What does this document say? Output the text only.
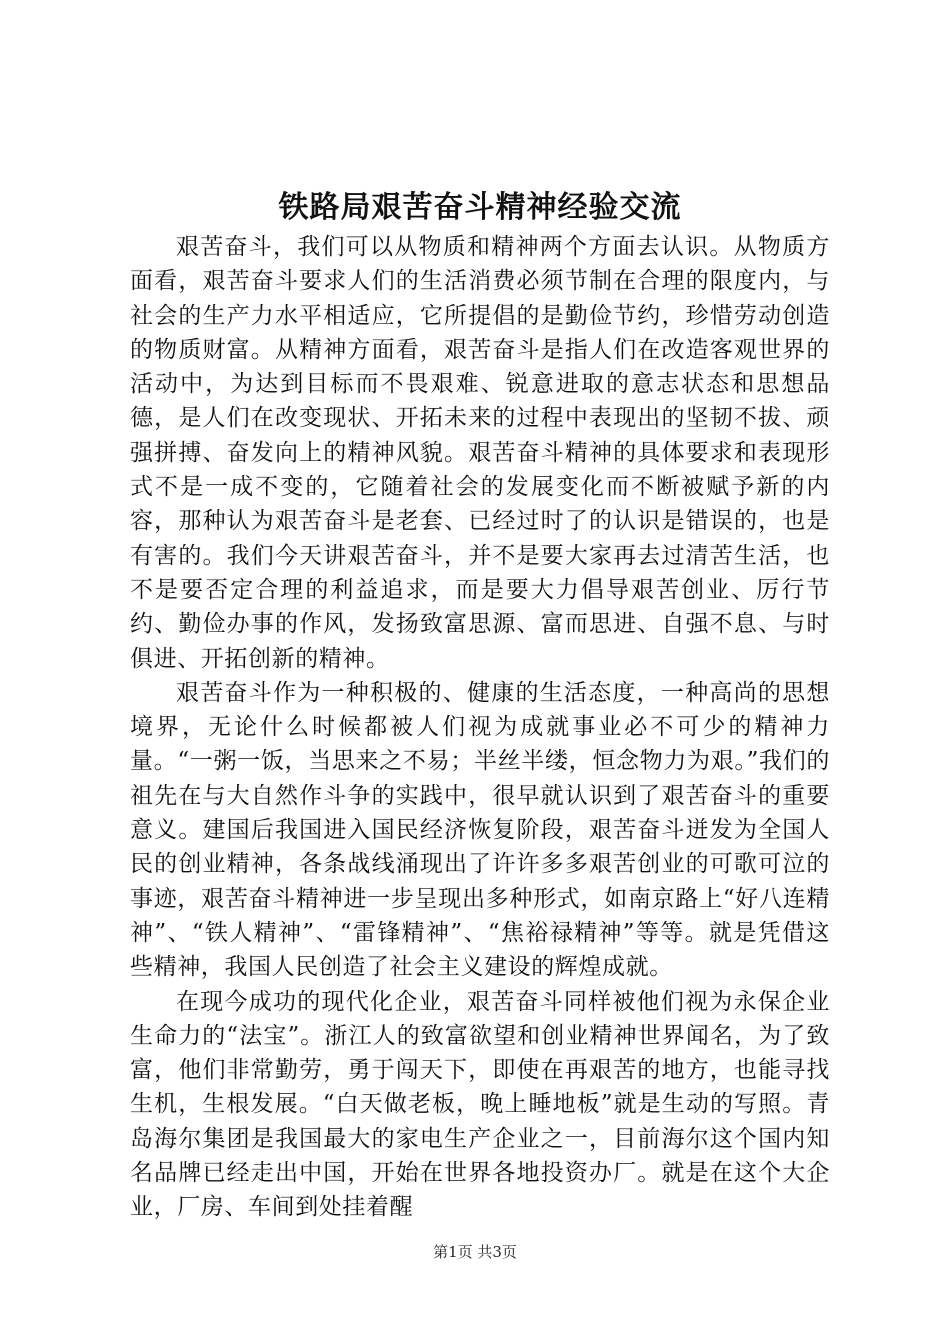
铁路局艰苦奋斗精神经验交流

艰苦奋斗，我们可以从物质和精神两个方面去认识。从物质方面看，艰苦奋斗要求人们的生活消费必须节制在合理的限度内，与社会的生产力水平相适应，它所提倡的是勤俭节约，珍惜劳动创造的物质财富。从精神方面看，艰苦奋斗是指人们在改造客观世界的活动中，为达到目标而不畏艰难、锐意进取的意志状态和思想品德，是人们在改变现状、开拓未来的过程中表现出的坚韧不拔、顽强拼搏、奋发向上的精神风貌。艰苦奋斗精神的具体要求和表现形式不是一成不变的，它随着社会的发展变化而不断被赋予新的内容，那种认为艰苦奋斗是老套、已经过时了的认识是错误的，也是有害的。我们今天讲艰苦奋斗，并不是要大家再去过清苦生活，也不是要否定合理的利益追求，而是要大力倡导艰苦创业、厉行节约、勤俭办事的作风，发扬致富思源、富而思进、自强不息、与时俱进、开拓创新的精神。

艰苦奋斗作为一种积极的、健康的生活态度，一种高尚的思想境界，无论什么时候都被人们视为成就事业必不可少的精神力量。“一粥一饭，当思来之不易；半丝半缕，恒念物力为艰。”我们的祖先在与大自然作斗争的实践中，很早就认识到了艰苦奋斗的重要意义。建国后我国进入国民经济恢复阶段，艰苦奋斗迸发为全国人民的创业精神，各条战线涌现出了许许多多艰苦创业的可歌可泣的事迹，艰苦奋斗精神进一步呈现出多种形式，如南京路上“好八连精神”、“铁人精神”、“雷锋精神”、“焦裕禄精神”等等。就是凭借这些精神，我国人民创造了社会主义建设的辉煌成就。

在现今成功的现代化企业，艰苦奋斗同样被他们视为永保企业生命力的“法宝”。浙江人的致富欲望和创业精神世界闻名，为了致富，他们非常勤劳，勇于闯天下，即使在再艰苦的地方，也能寻找生机，生根发展。“白天做老板，晚上睡地板”就是生动的写照。青岛海尔集团是我国最大的家电生产企业之一，目前海尔这个国内知名品牌已经走出中国，开始在世界各地投资办厂。就是在这个大企业，厂房、车间到处挂着醒

第1页 共3页
